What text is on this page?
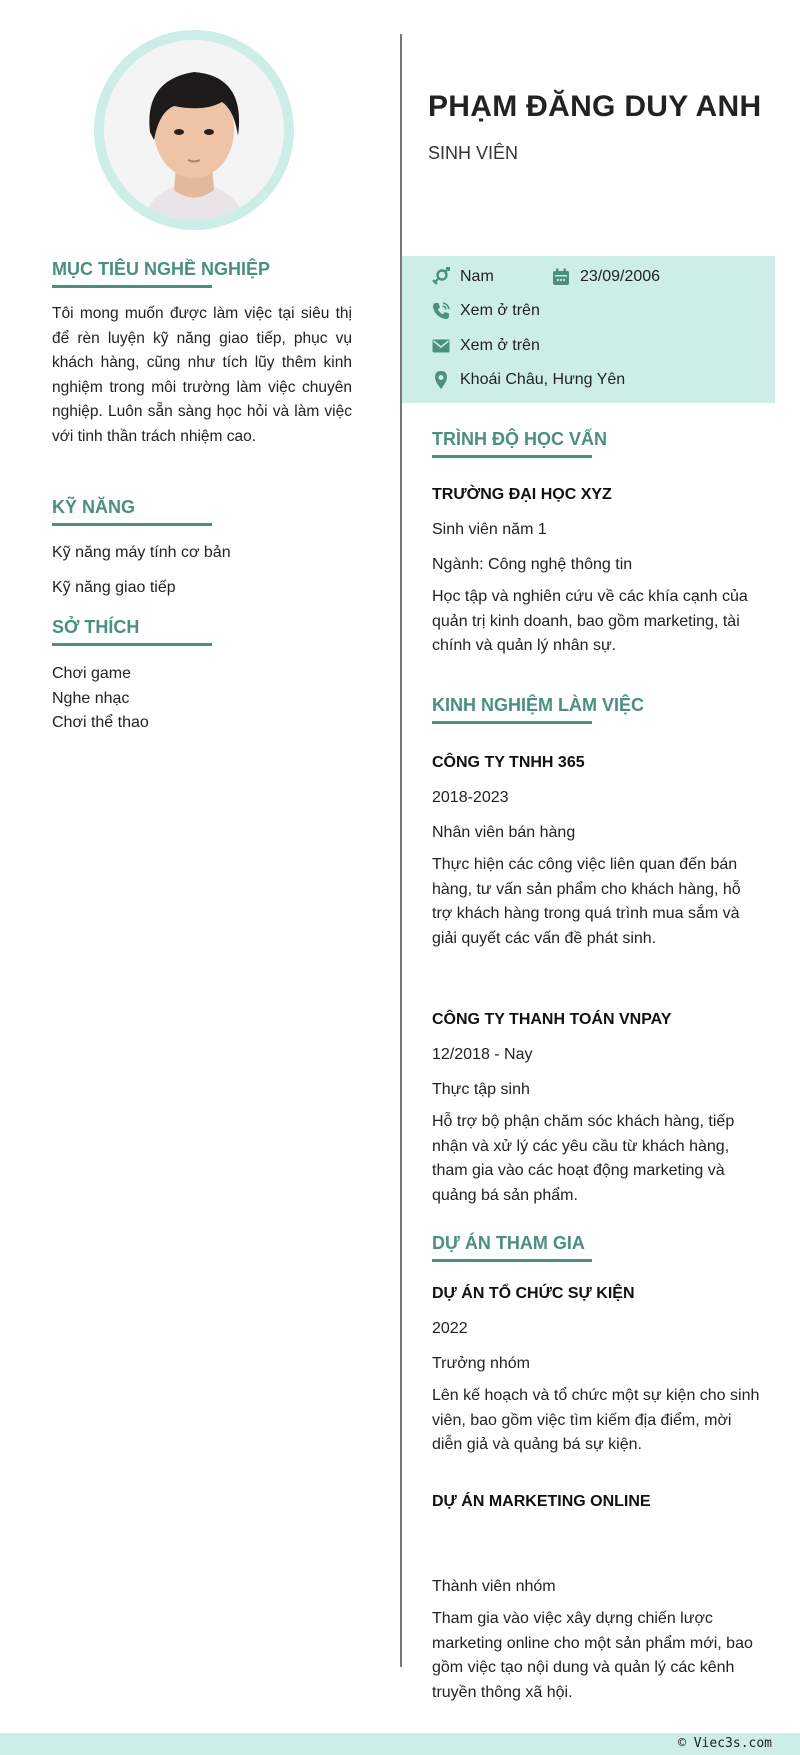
MỤC TIÊU NGHỀ NGHIỆP
Tôi mong muốn được làm việc tại siêu thị để rèn luyện kỹ năng giao tiếp, phục vụ khách hàng, cũng như tích lũy thêm kinh nghiệm trong môi trường làm việc chuyên nghiệp. Luôn sẵn sàng học hỏi và làm việc với tinh thần trách nhiệm cao.
KỸ NĂNG
Kỹ năng máy tính cơ bản
Kỹ năng giao tiếp
SỞ THÍCH
Chơi game
Nghe nhạc
Chơi thể thao
PHẠM ĐĂNG DUY ANH
SINH VIÊN
Nam	23/09/2006
Xem ở trên
Xem ở trên
Khoái Châu, Hưng Yên
TRÌNH ĐỘ HỌC VẤN
TRƯỜNG ĐẠI HỌC XYZ
Sinh viên năm 1
Ngành: Công nghệ thông tin
Học tập và nghiên cứu về các khía cạnh của quản trị kinh doanh, bao gồm marketing, tài chính và quản lý nhân sự.
KINH NGHIỆM LÀM VIỆC
CÔNG TY TNHH 365
2018-2023
Nhân viên bán hàng
Thực hiện các công việc liên quan đến bán hàng, tư vấn sản phẩm cho khách hàng, hỗ trợ khách hàng trong quá trình mua sắm và giải quyết các vấn đề phát sinh.
CÔNG TY THANH TOÁN VNPAY
12/2018 - Nay
Thực tập sinh
Hỗ trợ bộ phận chăm sóc khách hàng, tiếp nhận và xử lý các yêu cầu từ khách hàng, tham gia vào các hoạt động marketing và quảng bá sản phẩm.
DỰ ÁN THAM GIA
DỰ ÁN TỔ CHỨC SỰ KIỆN
2022
Trưởng nhóm
Lên kế hoạch và tổ chức một sự kiện cho sinh viên, bao gồm việc tìm kiếm địa điểm, mời diễn giả và quảng bá sự kiện.
DỰ ÁN MARKETING ONLINE
Thành viên nhóm
Tham gia vào việc xây dựng chiến lược marketing online cho một sản phẩm mới, bao gồm việc tạo nội dung và quản lý các kênh truyền thông xã hội.
© Viec3s.com
